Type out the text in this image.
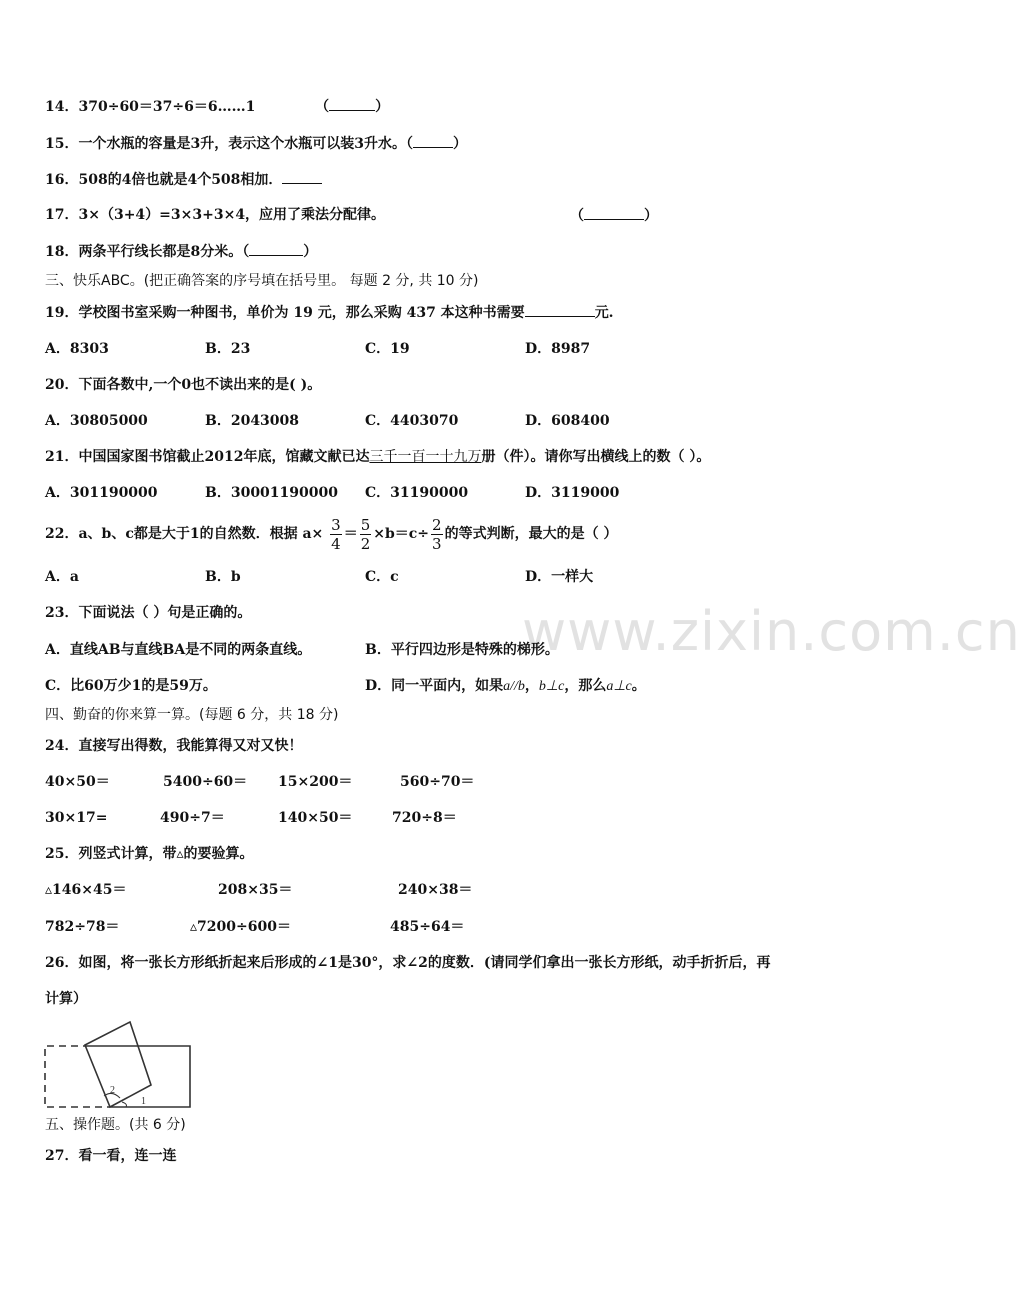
www.zixin.com.cn
14．370÷60＝37÷6＝6……1	（	）
15．一个水瓶的容量是3升，表示这个水瓶可以装3升水。（	）
16．508的4倍也就是4个508相加．
17．3×（3+4）=3×3+3×4，应用了乘法分配律。	（	）
18．两条平行线长都是8分米。（	）
三、快乐ABC。(把正确答案的序号填在括号里。 每题 2 分, 共 10 分)
19．学校图书室采购一种图书，单价为 19 元，那么采购 437 本这种书需要	元.
A．8303	B．23	C．19	D．8987
20．下面各数中,一个0也不读出来的是( )。
A．30805000	B．2043008	C．4403070	D．608400
21．中国国家图书馆截止2012年底，馆藏文献已达三千一百一十九万册（件）。请你写出横线上的数（ ）。
A．301190000	B．30001190000 C．31190000	D．3119000
22．a、b、c都是大于1的自然数．根据 $a\times \frac{3}{4} = \frac{5}{2} \times b=c\div \frac{2}{3}$ 的等式判断，最大的是（ ）
A．a	B．b	C．c	D．一样大
23．下面说法（ ）句是正确的。
A．直线AB与直线BA是不同的两条直线。	B．平行四边形是特殊的梯形。
C．比60万少1的是59万。	D．同一平面内，如果a//b，b⊥c，那么a⊥c。
四、勤奋的你来算一算。(每题 6 分，共 18 分)
24．直接写出得数，我能算得又对又快！
40×50＝	5400÷60＝ 15×200＝	560÷70＝
30×17=	490÷7＝	140×50＝	720÷8＝
25．列竖式计算，带▵的要验算。
▵146×45＝	208×35＝	240×38＝
782÷78＝	▵7200÷600＝	485÷64＝
26．如图，将一张长方形纸折起来后形成的∠1是30°，求∠2的度数．(请同学们拿出一张长方形纸，动手折折后，再
计算）
2
1
五、操作题。(共 6 分)
27．看一看，连一连
